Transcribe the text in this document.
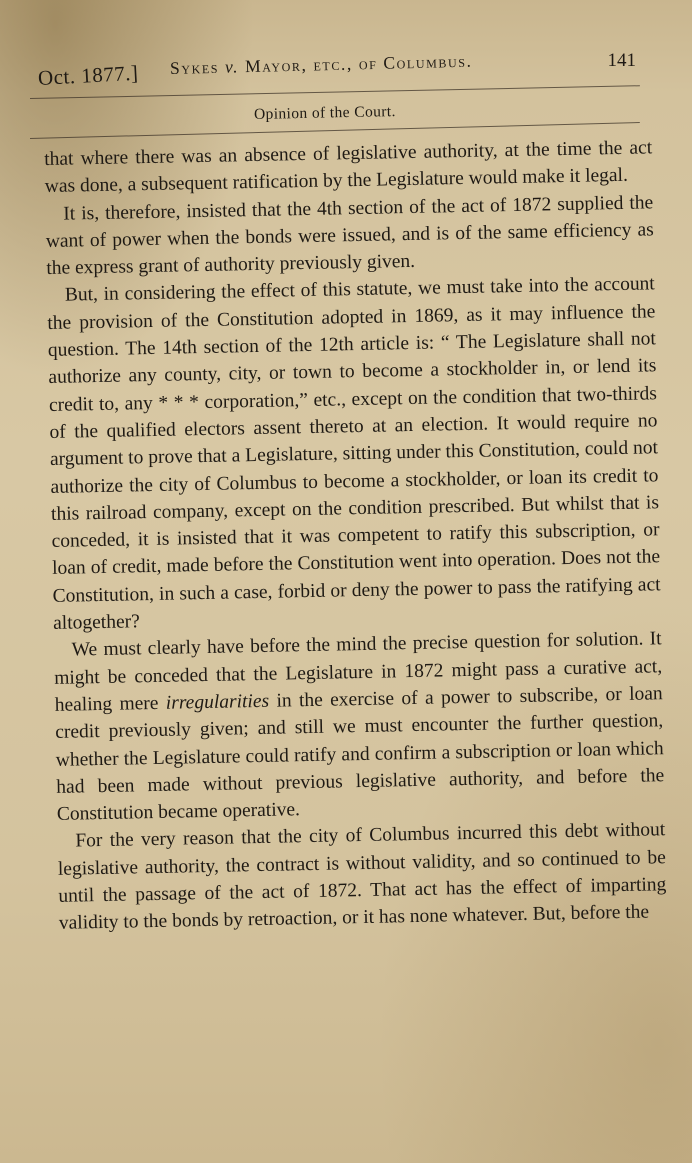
Oct. 1877.] Sykes v. Mayor, etc., of Columbus.	141
Opinion of the Court.

that where there was an absence of legislative authority, at the time the act was done, a subsequent ratification by the Legislature would make it legal.

It is, therefore, insisted that the 4th section of the act of 1872 supplied the want of power when the bonds were issued, and is of the same efficiency as the express grant of authority previously given.

But, in considering the effect of this statute, we must take into the account the provision of the Constitution adopted in 1869, as it may influence the question. The 14th section of the 12th article is: “ The Legislature shall not authorize any county, city, or town to become a stockholder in, or lend its credit to, any * * * corporation,” etc., except on the condition that two-thirds of the qualified electors assent thereto at an election. It would require no argument to prove that a Legislature, sitting under this Constitution, could not authorize the city of Columbus to become a stockholder, or loan its credit to this railroad company, except on the condition prescribed. But whilst that is conceded, it is insisted that it was competent to ratify this subscription, or loan of credit, made before the Constitution went into operation. Does not the Constitution, in such a case, forbid or deny the power to pass the ratifying act altogether?

We must clearly have before the mind the precise question for solution. It might be conceded that the Legislature in 1872 might pass a curative act, healing mere irregularities in the exercise of a power to subscribe, or loan credit previously given; and still we must encounter the further question, whether the Legislature could ratify and confirm a subscription or loan which had been made without previous legislative authority, and before the Constitution became operative.

For the very reason that the city of Columbus incurred this debt without legislative authority, the contract is without validity, and so continued to be until the passage of the act of 1872. That act has the effect of imparting validity to the bonds by retroaction, or it has none whatever. But, before the
